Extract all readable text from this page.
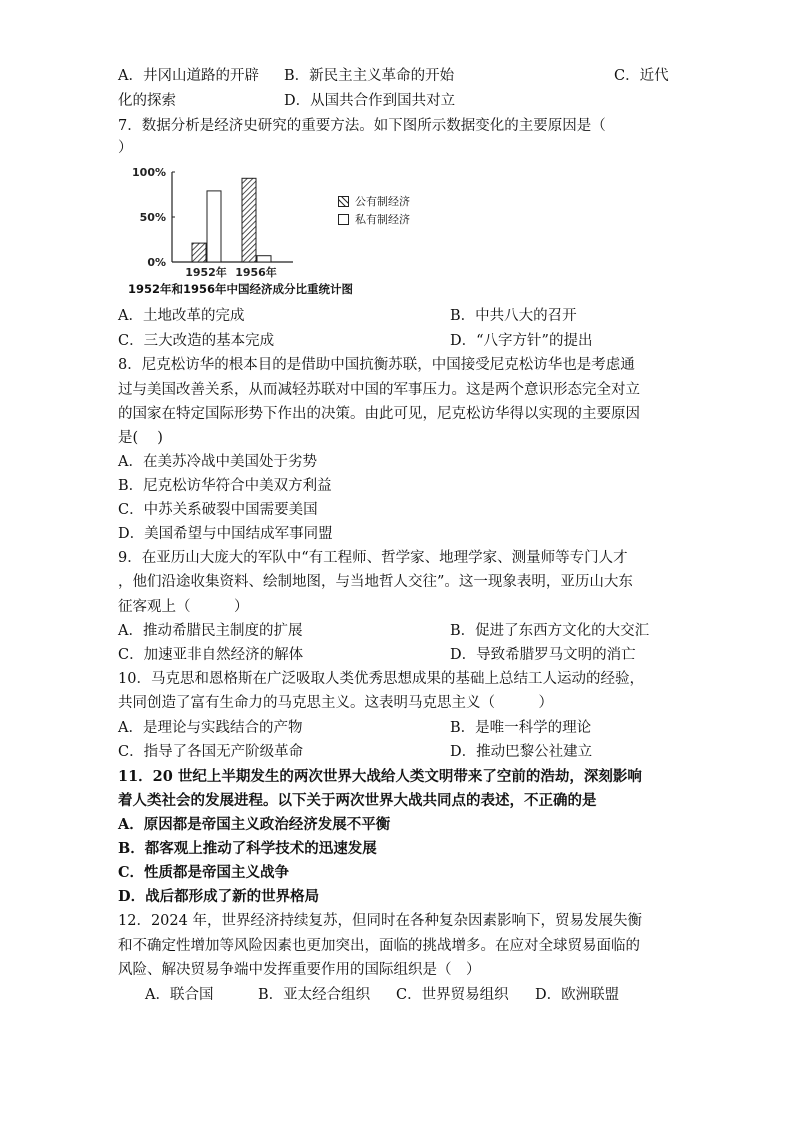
A．井冈山道路的开辟 B．新民主主义革命的开始	C．近代
化的探索	D．从国共合作到国共对立
7．数据分析是经济史研究的重要方法。如下图所示数据变化的主要原因是（
）
0%
50%
100%
1952年 1956年
公有制经济
私有制经济
1952年和1956年中国经济成分比重统计图
A．土地改革的完成	B．中共八大的召开
C．三大改造的基本完成	D．“八字方针”的提出
8．尼克松访华的根本目的是借助中国抗衡苏联，中国接受尼克松访华也是考虑通
过与美国改善关系，从而减轻苏联对中国的军事压力。这是两个意识形态完全对立
的国家在特定国际形势下作出的决策。由此可见，尼克松访华得以实现的主要原因
是(　 )
A．在美苏冷战中美国处于劣势
B．尼克松访华符合中美双方利益
C．中苏关系破裂中国需要美国
D．美国希望与中国结成军事同盟
9．在亚历山大庞大的军队中“有工程师、哲学家、地理学家、测量师等专门人才
，他们沿途收集资料、绘制地图，与当地哲人交往”。这一现象表明，亚历山大东
征客观上（　　　）
A．推动希腊民主制度的扩展	B．促进了东西方文化的大交汇
C．加速亚非自然经济的解体	D．导致希腊罗马文明的消亡
10．马克思和恩格斯在广泛吸取人类优秀思想成果的基础上总结工人运动的经验，
共同创造了富有生命力的马克思主义。这表明马克思主义（　　　）
A．是理论与实践结合的产物	B．是唯一科学的理论
C．指导了各国无产阶级革命	D．推动巴黎公社建立
11．20 世纪上半期发生的两次世界大战给人类文明带来了空前的浩劫，深刻影响
着人类社会的发展进程。以下关于两次世界大战共同点的表述，不正确的是
A．原因都是帝国主义政治经济发展不平衡
B．都客观上推动了科学技术的迅速发展
C．性质都是帝国主义战争
D．战后都形成了新的世界格局
12．2024 年，世界经济持续复苏，但同时在各种复杂因素影响下，贸易发展失衡
和不确定性增加等风险因素也更加突出，面临的挑战增多。在应对全球贸易面临的
风险、解决贸易争端中发挥重要作用的国际组织是（　）
A．联合国	B．亚太经合组织 C．世界贸易组织 D．欧洲联盟
